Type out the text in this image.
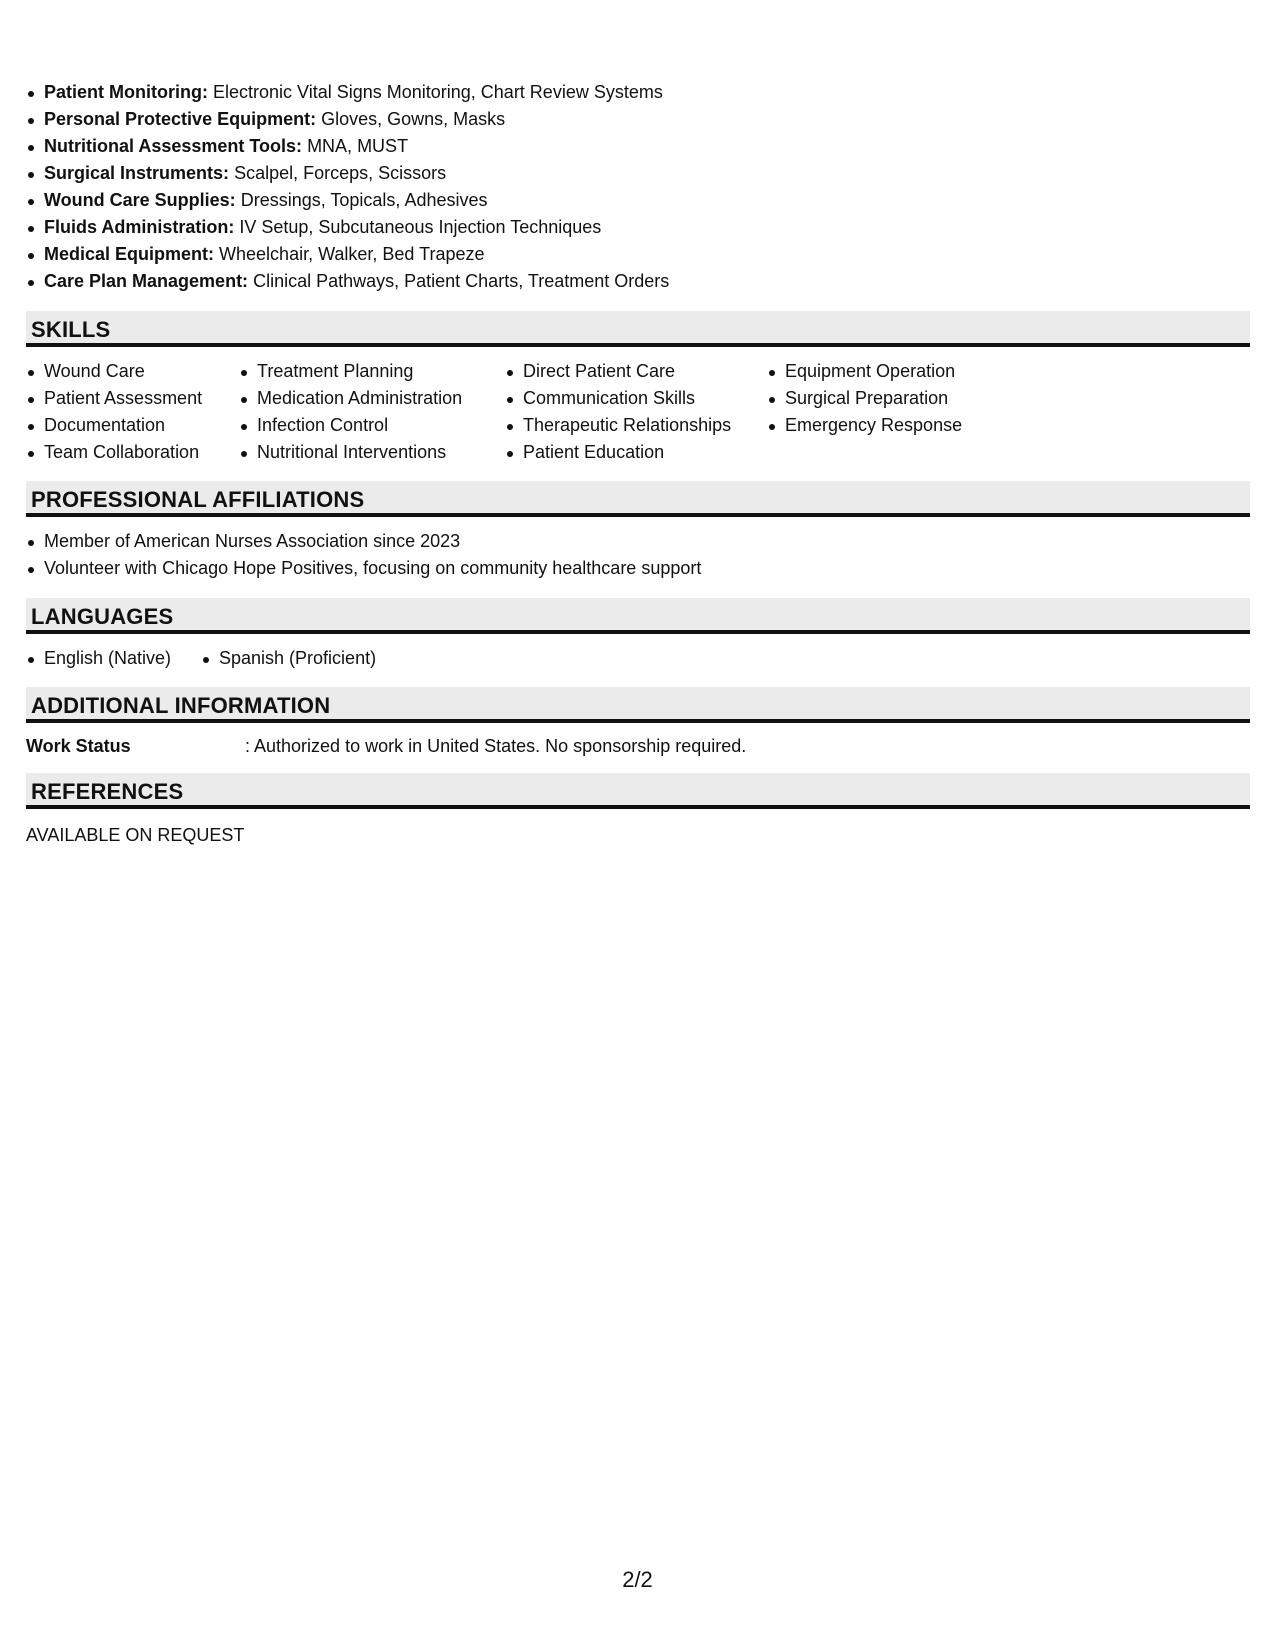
Patient Monitoring: Electronic Vital Signs Monitoring, Chart Review Systems
Personal Protective Equipment: Gloves, Gowns, Masks
Nutritional Assessment Tools: MNA, MUST
Surgical Instruments: Scalpel, Forceps, Scissors
Wound Care Supplies: Dressings, Topicals, Adhesives
Fluids Administration: IV Setup, Subcutaneous Injection Techniques
Medical Equipment: Wheelchair, Walker, Bed Trapeze
Care Plan Management: Clinical Pathways, Patient Charts, Treatment Orders
SKILLS
Wound Care
Patient Assessment
Documentation
Team Collaboration
Treatment Planning
Medication Administration
Infection Control
Nutritional Interventions
Direct Patient Care
Communication Skills
Therapeutic Relationships
Patient Education
Equipment Operation
Surgical Preparation
Emergency Response
PROFESSIONAL AFFILIATIONS
Member of American Nurses Association since 2023
Volunteer with Chicago Hope Positives, focusing on community healthcare support
LANGUAGES
English (Native)	Spanish (Proficient)
ADDITIONAL INFORMATION
Work Status	: Authorized to work in United States. No sponsorship required.
REFERENCES
AVAILABLE ON REQUEST
2/2
